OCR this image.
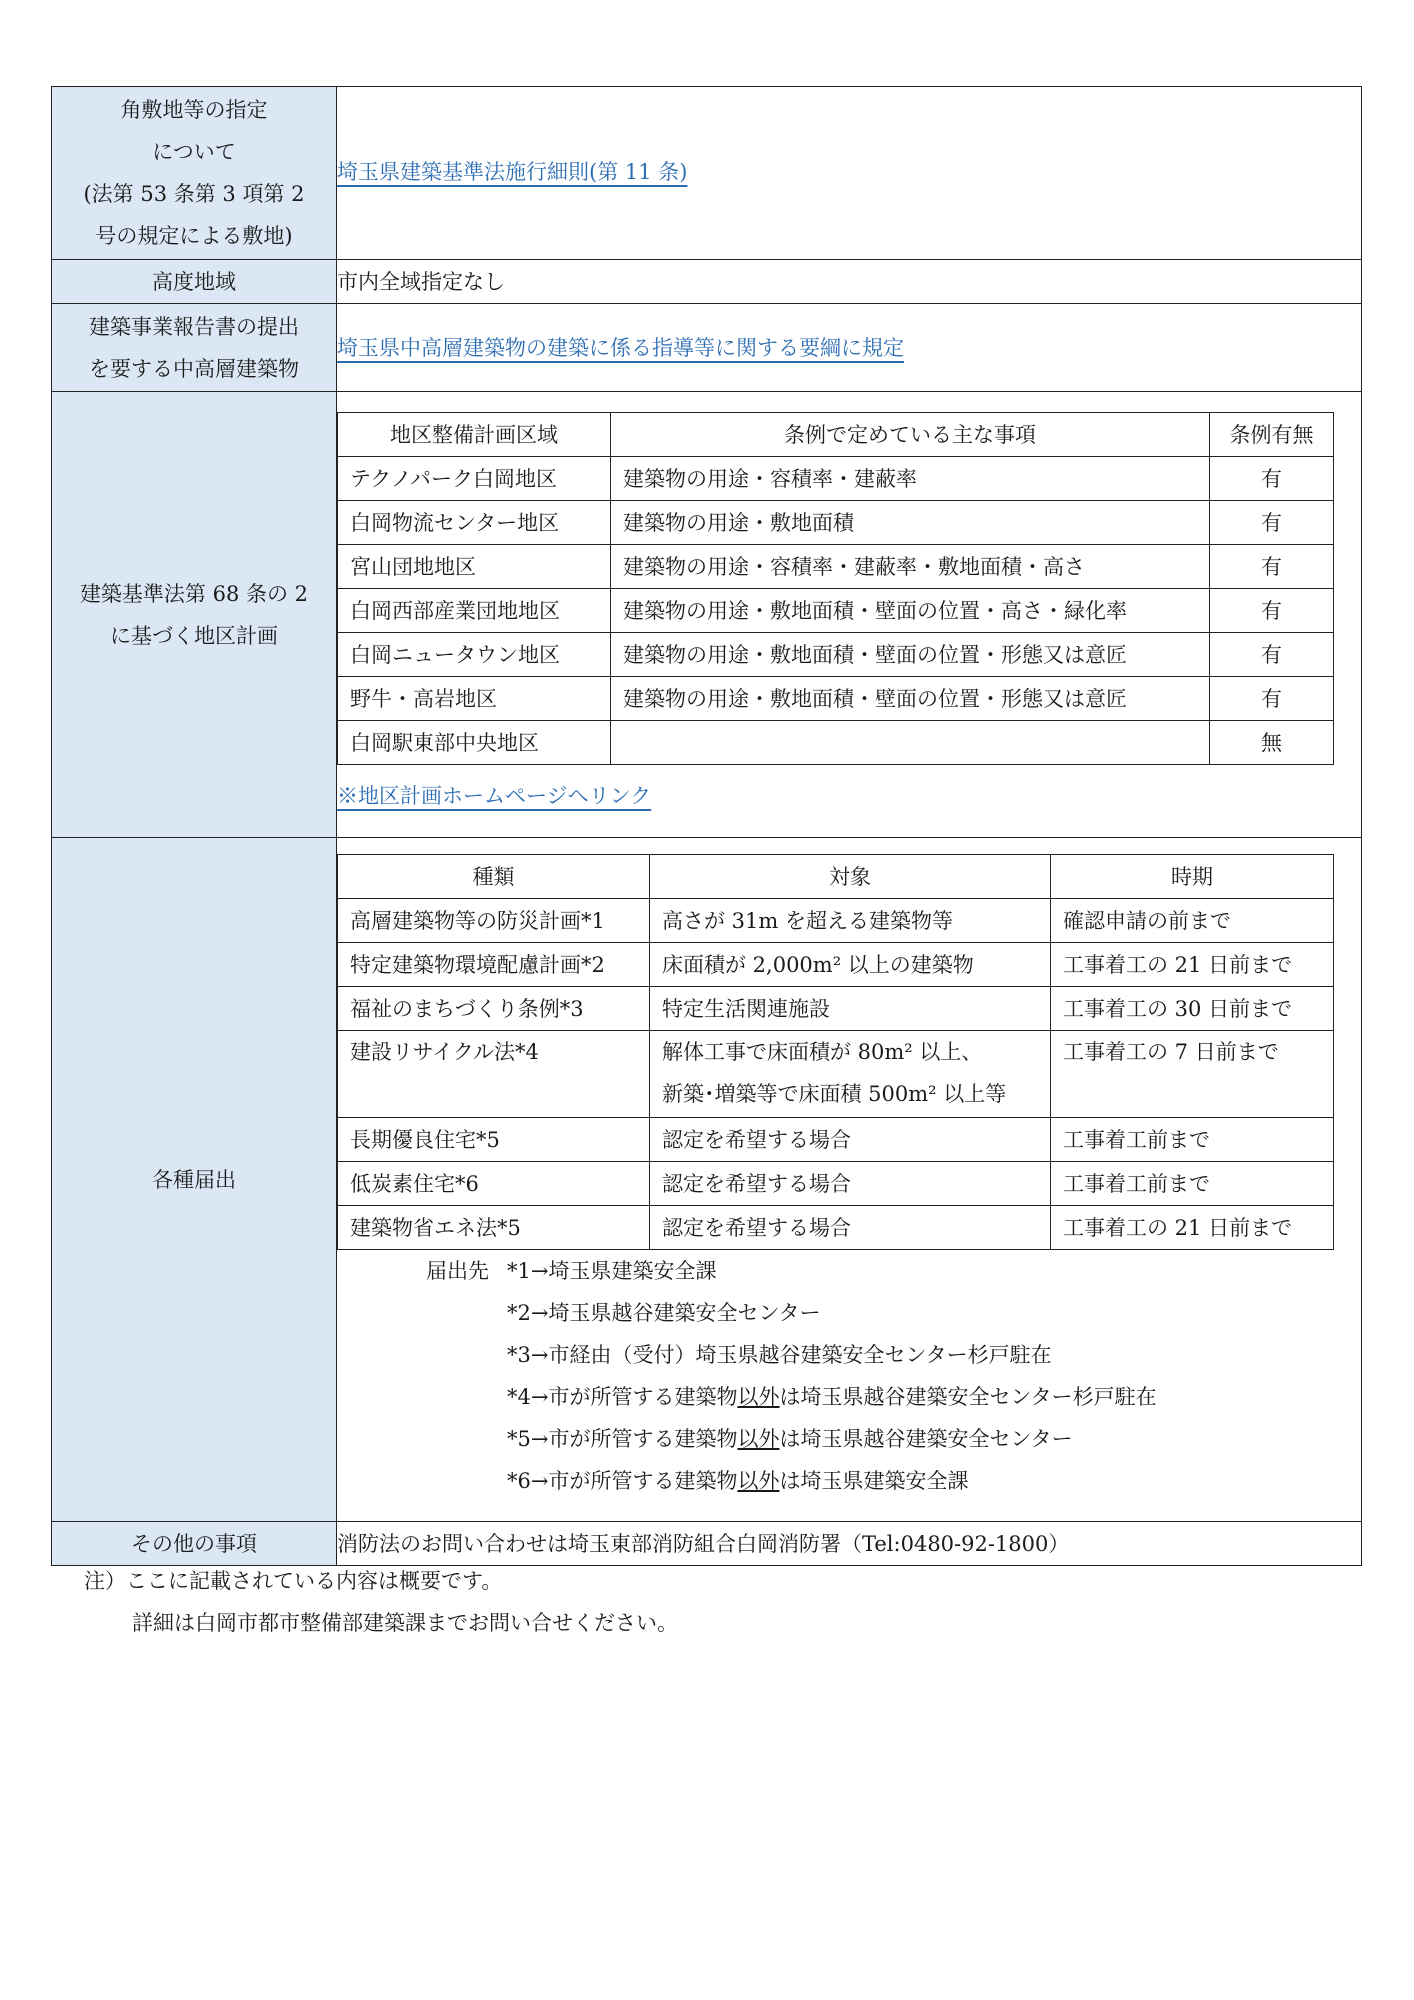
角敷地等の指定
について
(法第 53 条第 3 項第 2
号の規定による敷地)
	埼玉県建築基準法施行細則(第 11 条)
高度地域	市内全域指定なし

建築事業報告書の提出
を要する中高層建築物
	埼玉県中高層建築物の建築に係る指導等に関する要綱に規定

建築基準法第 68 条の 2
に基づく地区計画

地区整備計画区域	条例で定めている主な事項	条例有無
テクノパーク白岡地区	建築物の用途・容積率・建蔽率	有
白岡物流センター地区	建築物の用途・敷地面積	有
宮山団地地区	建築物の用途・容積率・建蔽率・敷地面積・高さ	有
白岡西部産業団地地区	建築物の用途・敷地面積・壁面の位置・高さ・緑化率	有
白岡ニュータウン地区	建築物の用途・敷地面積・壁面の位置・形態又は意匠	有
野牛・高岩地区	建築物の用途・敷地面積・壁面の位置・形態又は意匠	有
白岡駅東部中央地区		無
※地区計画ホームページへリンク

各種届出	
種類	対象	時期
高層建築物等の防災計画*1	高さが 31m を超える建築物等	確認申請の前まで
特定建築物環境配慮計画*2	床面積が 2,000m² 以上の建築物	工事着工の 21 日前まで
福祉のまちづくり条例*3	特定生活関連施設	工事着工の 30 日前まで
建設リサイクル法*4	解体工事で床面積が 80m² 以上、
新築･増築等で床面積 500m² 以上等
	工事着工の 7 日前まで
長期優良住宅*5	認定を希望する場合	工事着工前まで
低炭素住宅*6	認定を希望する場合	工事着工前まで
建築物省エネ法*5	認定を希望する場合	工事着工の 21 日前まで
届出先 *1→埼玉県建築安全課
*2→埼玉県越谷建築安全センター
*3→市経由（受付）埼玉県越谷建築安全センター杉戸駐在
*4→市が所管する建築物以外は埼玉県越谷建築安全センター杉戸駐在
*5→市が所管する建築物以外は埼玉県越谷建築安全センター
*6→市が所管する建築物以外は埼玉県建築安全課

その他の事項	消防法のお問い合わせは埼玉東部消防組合白岡消防署（Tel:0480-92-1800）
注）ここに記載されている内容は概要です。
詳細は白岡市都市整備部建築課までお問い合せください。
